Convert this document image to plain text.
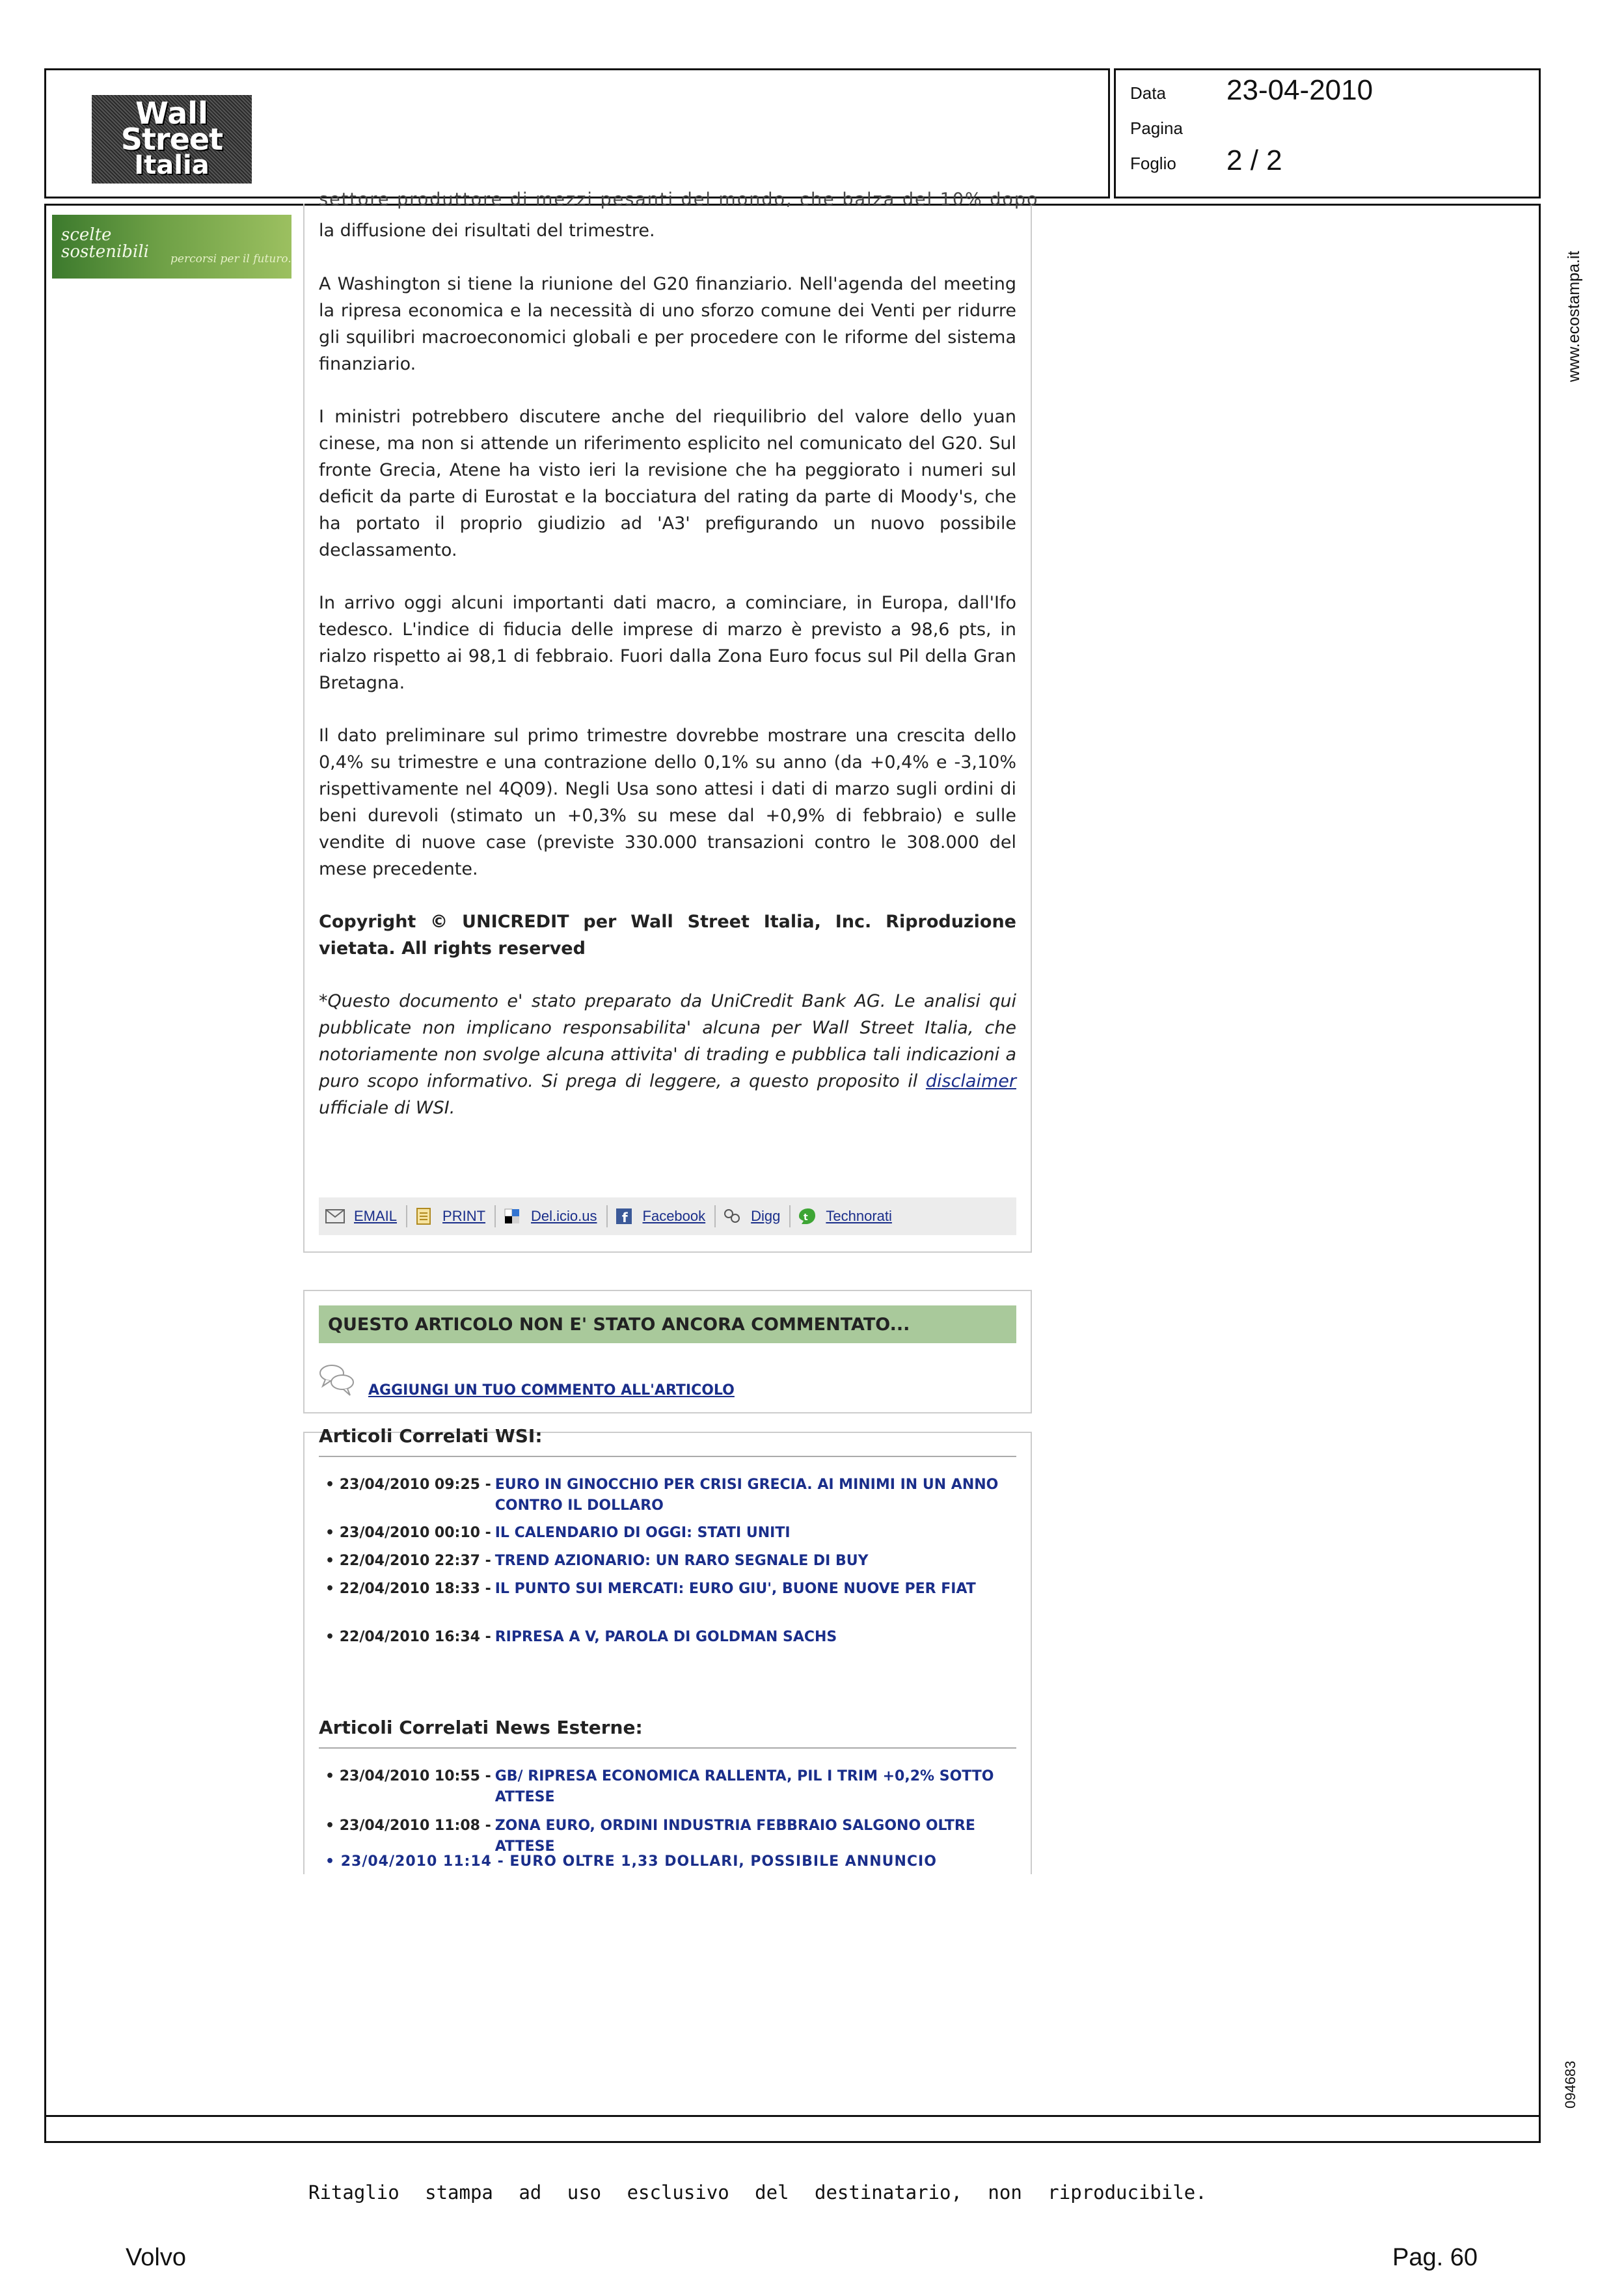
Wall
Street
Italia
Data 23-04-2010
Pagina
Foglio 2 / 2
www.ecostampa.it
094683
scelte
sostenibili percorsi per il futuro.
settore produttore di mezzi pesanti del mondo, che balza del 10% dopo
la diffusione dei risultati del trimestre.
A Washington si tiene la riunione del G20 finanziario. Nell'agenda del meeting la ripresa economica e la necessità di uno sforzo comune dei Venti per ridurre gli squilibri macroeconomici globali e per procedere con le riforme del sistema finanziario.
I ministri potrebbero discutere anche del riequilibrio del valore dello yuan cinese, ma non si attende un riferimento esplicito nel comunicato del G20. Sul fronte Grecia, Atene ha visto ieri la revisione che ha peggiorato i numeri sul deficit da parte di Eurostat e la bocciatura del rating da parte di Moody's, che ha portato il proprio giudizio ad 'A3' prefigurando un nuovo possibile declassamento.
In arrivo oggi alcuni importanti dati macro, a cominciare, in Europa, dall'Ifo tedesco. L'indice di fiducia delle imprese di marzo è previsto a 98,6 pts, in rialzo rispetto ai 98,1 di febbraio. Fuori dalla Zona Euro focus sul Pil della Gran Bretagna.
Il dato preliminare sul primo trimestre dovrebbe mostrare una crescita dello 0,4% su trimestre e una contrazione dello 0,1% su anno (da +0,4% e -3,10% rispettivamente nel 4Q09). Negli Usa sono attesi i dati di marzo sugli ordini di beni durevoli (stimato un +0,3% su mese dal +0,9% di febbraio) e sulle vendite di nuove case (previste 330.000 transazioni contro le 308.000 del mese precedente.
Copyright © UNICREDIT per Wall Street Italia, Inc. Riproduzione vietata. All rights reserved
*Questo documento e' stato preparato da UniCredit Bank AG. Le analisi qui pubblicate non implicano responsabilita' alcuna per Wall Street Italia, che notoriamente non svolge alcuna attivita' di trading e pubblica tali indicazioni a puro scopo informativo. Si prega di leggere, a questo proposito il disclaimer ufficiale di WSI.
EMAIL	PRINT	Del.icio.us f Facebook	Digg	t Technorati
QUESTO ARTICOLO NON E' STATO ANCORA COMMENTATO...
AGGIUNGI UN TUO COMMENTO ALL'ARTICOLO
Articoli Correlati WSI:
• 23/04/2010 09:25 - EURO IN GINOCCHIO PER CRISI GRECIA. AI MINIMI IN UN ANNO CONTRO IL DOLLARO
• 23/04/2010 00:10 - IL CALENDARIO DI OGGI: STATI UNITI
• 22/04/2010 22:37 - TREND AZIONARIO: UN RARO SEGNALE DI BUY
• 22/04/2010 18:33 - IL PUNTO SUI MERCATI: EURO GIU', BUONE NUOVE PER FIAT
• 22/04/2010 16:34 - RIPRESA A V, PAROLA DI GOLDMAN SACHS
Articoli Correlati News Esterne:
• 23/04/2010 10:55 - GB/ RIPRESA ECONOMICA RALLENTA, PIL I TRIM +0,2% SOTTO ATTESE
• 23/04/2010 11:08 - ZONA EURO, ORDINI INDUSTRIA FEBBRAIO SALGONO OLTRE ATTESE
• 23/04/2010 11:14 - EURO OLTRE 1,33 DOLLARI, POSSIBILE ANNUNCIO
Ritaglio stampa ad uso esclusivo del destinatario, non riproducibile.
Volvo	Pag. 60
